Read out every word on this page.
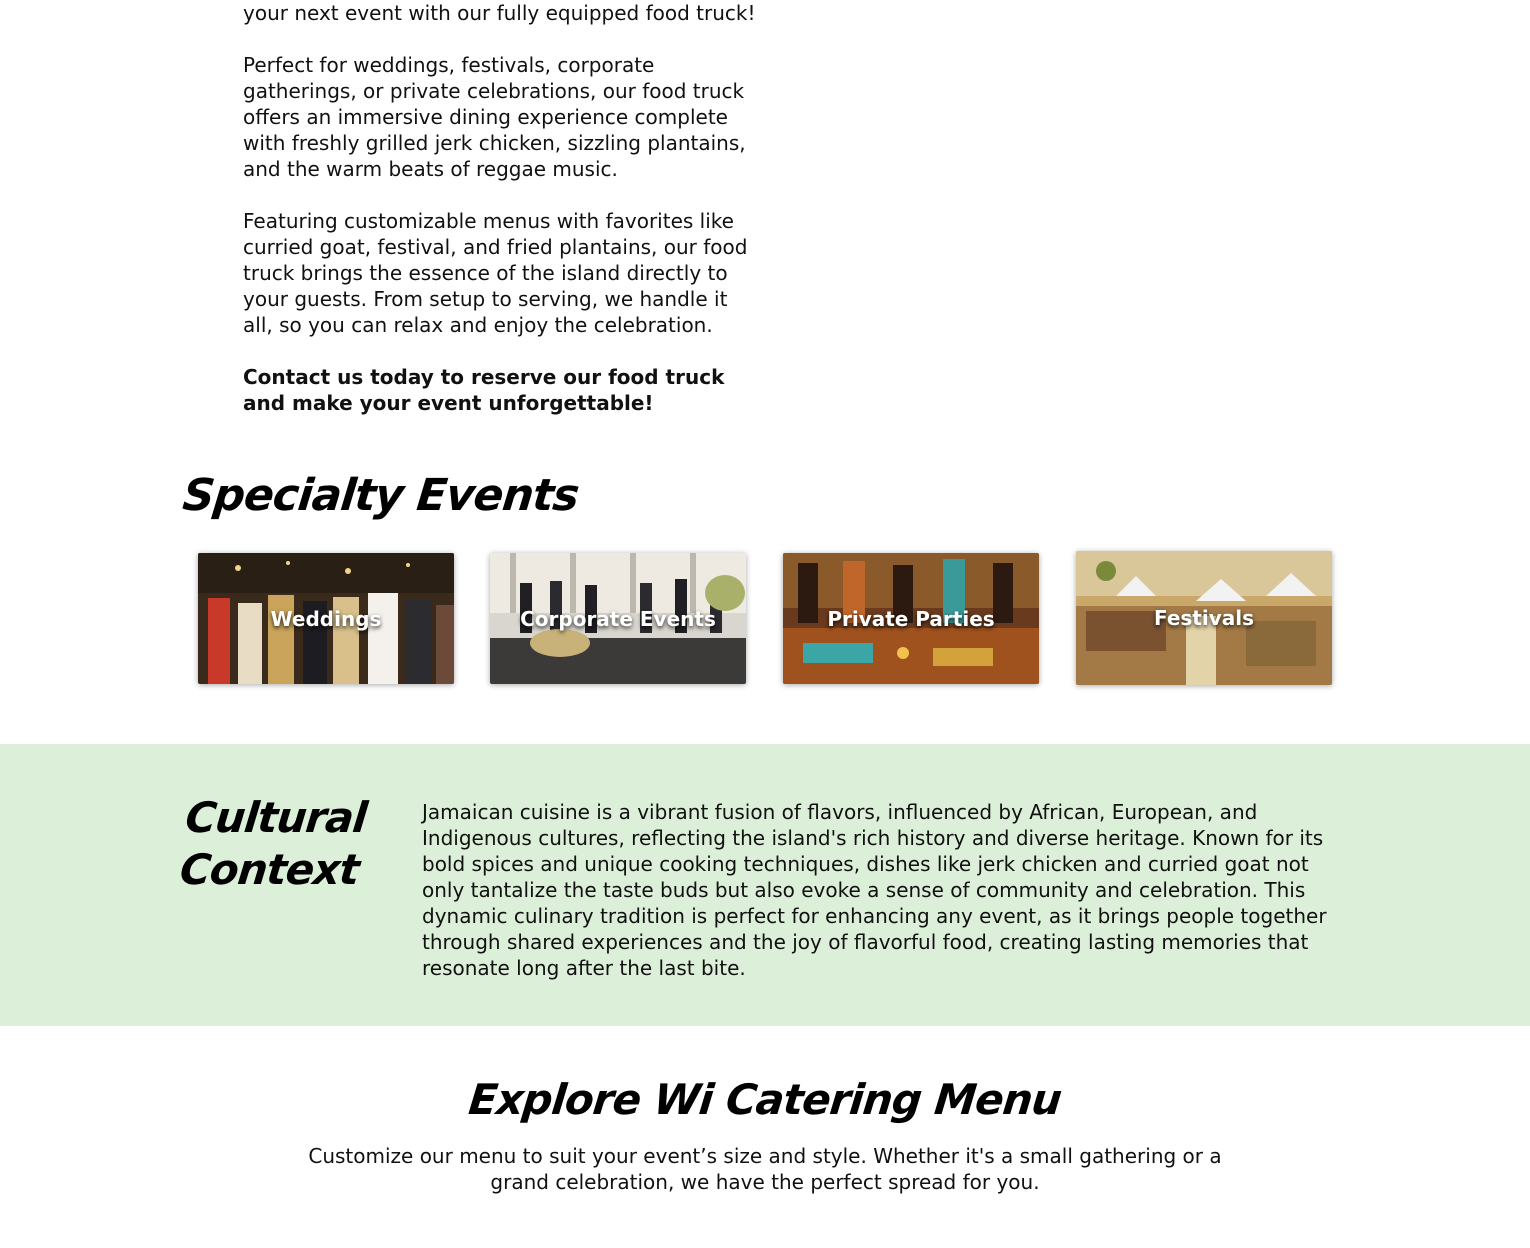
your next event with our fully equipped food truck!

Perfect for weddings, festivals, corporate gatherings, or private celebrations, our food truck offers an immersive dining experience complete with freshly grilled jerk chicken, sizzling plantains, and the warm beats of reggae music.

Featuring customizable menus with favorites like curried goat, festival, and fried plantains, our food truck brings the essence of the island directly to your guests. From setup to serving, we handle it all, so you can relax and enjoy the celebration.

Contact us today to reserve our food truck and make your event unforgettable!

Specialty Events
Weddings	Corporate Events	Private Parties	Festivals
Cultural Context
Jamaican cuisine is a vibrant fusion of flavors, influenced by African, European, and Indigenous cultures, reflecting the island's rich history and diverse heritage. Known for its bold spices and unique cooking techniques, dishes like jerk chicken and curried goat not only tantalize the taste buds but also evoke a sense of community and celebration. This dynamic culinary tradition is perfect for enhancing any event, as it brings people together through shared experiences and the joy of flavorful food, creating lasting memories that resonate long after the last bite.
Explore Wi Catering Menu
Customize our menu to suit your event’s size and style. Whether it's a small gathering or a grand celebration, we have the perfect spread for you.
